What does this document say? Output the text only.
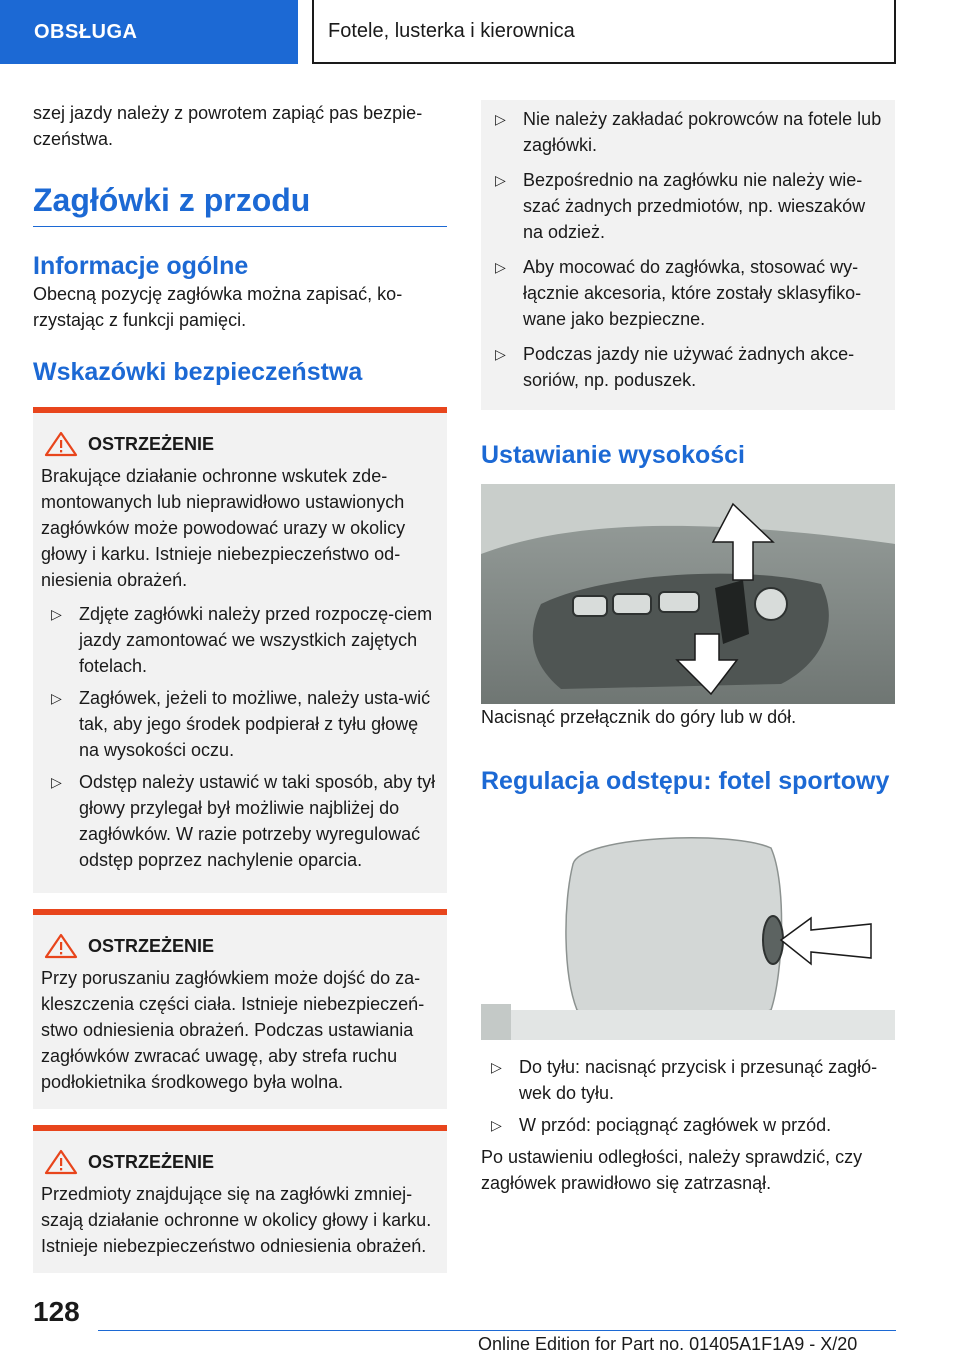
OBSŁUGA	Fotele, lusterka i kierownica

szej jazdy należy z powrotem zapiąć pas bezpie-czeństwa.

Zagłówki z przodu
Informacje ogólne

Obecną pozycję zagłówka można zapisać, ko-rzystając z funkcji pamięci.

Wskazówki bezpieczeństwa
OSTRZEŻENIE

Brakujące działanie ochronne wskutek zde-montowanych lub nieprawidłowo ustawionych zagłówków może powodować urazy w okolicy głowy i karku. Istnieje niebezpieczeństwo od-niesienia obrażeń.

▷ Zdjęte zagłówki należy przed rozpoczę-ciem jazdy zamontować we wszystkich zajętych fotelach.
▷ Zagłówek, jeżeli to możliwe, należy usta-wić tak, aby jego środek podpierał z tyłu głowę na wysokości oczu.
▷ Odstęp należy ustawić w taki sposób, aby tył głowy przylegał był możliwie najbliżej do zagłówków. W razie potrzeby wyregulować odstęp poprzez nachylenie oparcia.
OSTRZEŻENIE

Przy poruszaniu zagłówkiem może dojść do za-kleszczenia części ciała. Istnieje niebezpieczeń-stwo odniesienia obrażeń. Podczas ustawiania zagłówków zwracać uwagę, aby strefa ruchu podłokietnika środkowego była wolna.

OSTRZEŻENIE

Przedmioty znajdujące się na zagłówki zmniej-szają działanie ochronne w okolicy głowy i karku. Istnieje niebezpieczeństwo odniesienia obrażeń.

▷ Nie należy zakładać pokrowców na fotele lub zagłówki.
▷ Bezpośrednio na zagłówku nie należy wie-szać żadnych przedmiotów, np. wieszaków na odzież.
▷ Aby mocować do zagłówka, stosować wy-łącznie akcesoria, które zostały sklasyfiko-wane jako bezpieczne.
▷ Podczas jazdy nie używać żadnych akce-soriów, np. poduszek.
Ustawianie wysokości

Nacisnąć przełącznik do góry lub w dół.

Regulacja odstępu: fotel sportowy
▷ Do tyłu: nacisnąć przycisk i przesunąć zagłó-wek do tyłu.
▷ W przód: pociągnąć zagłówek w przód.

Po ustawieniu odległości, należy sprawdzić, czy zagłówek prawidłowo się zatrzasnął.

128
Online Edition for Part no. 01405A1F1A9 - X/20
